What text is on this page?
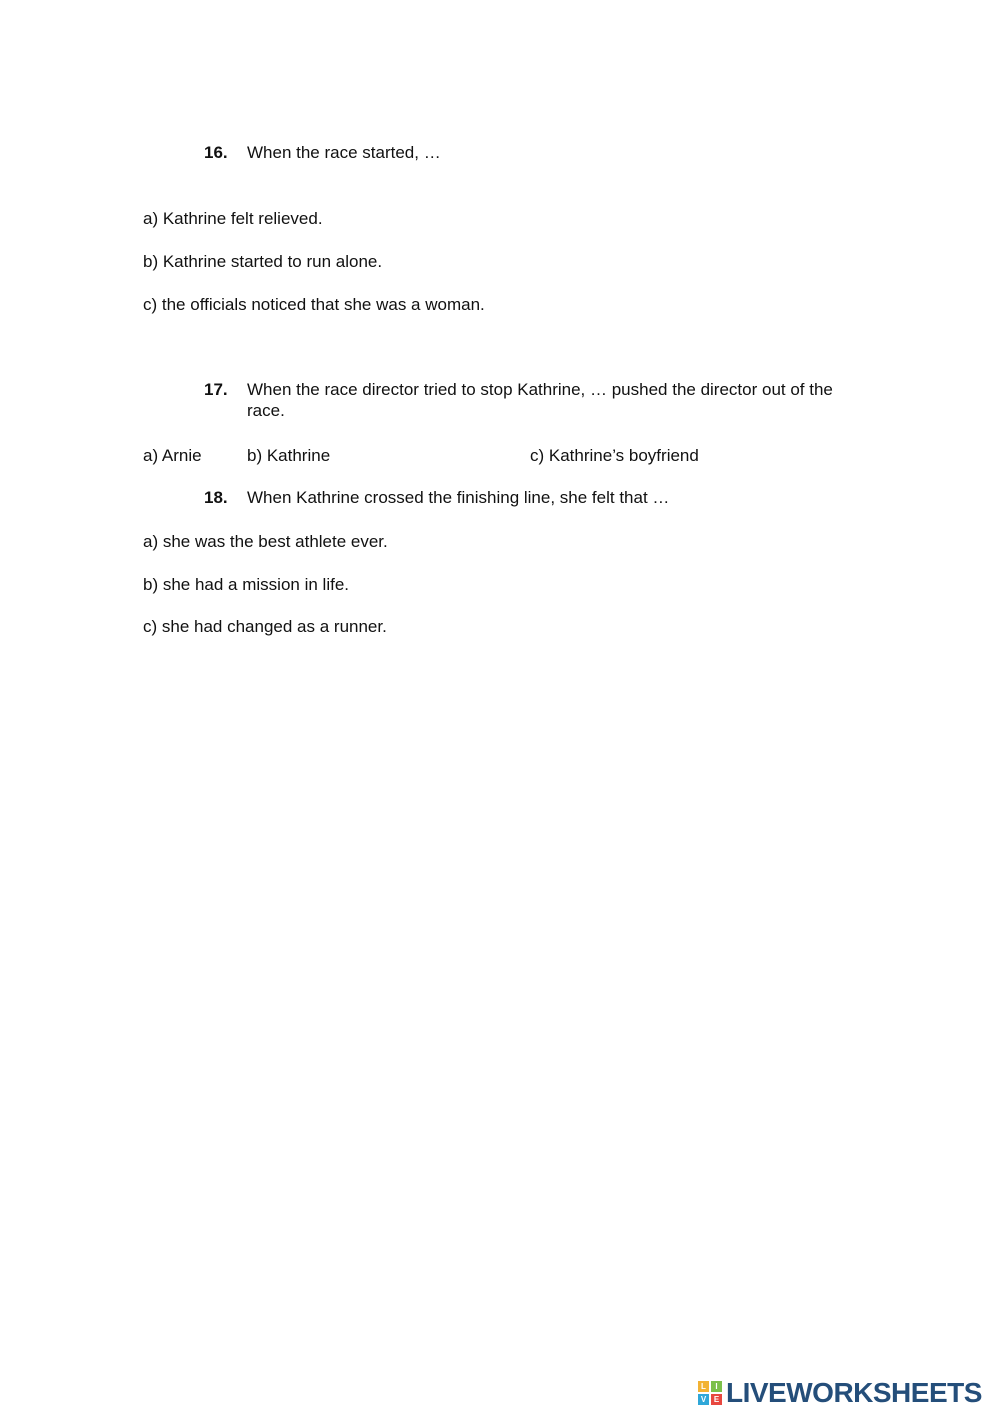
16. When the race started, …
a) Kathrine felt relieved.
b) Kathrine started to run alone.
c) the officials noticed that she was a woman.
17. When the race director tried to stop Kathrine, … pushed the director out of the race.
a) Arnie	b) Kathrine	c) Kathrine’s boyfriend
18. When Kathrine crossed the finishing line, she felt that …
a) she was the best athlete ever.
b) she had a mission in life.
c) she had changed as a runner.
L	I
V E LIVEWORKSHEETS
